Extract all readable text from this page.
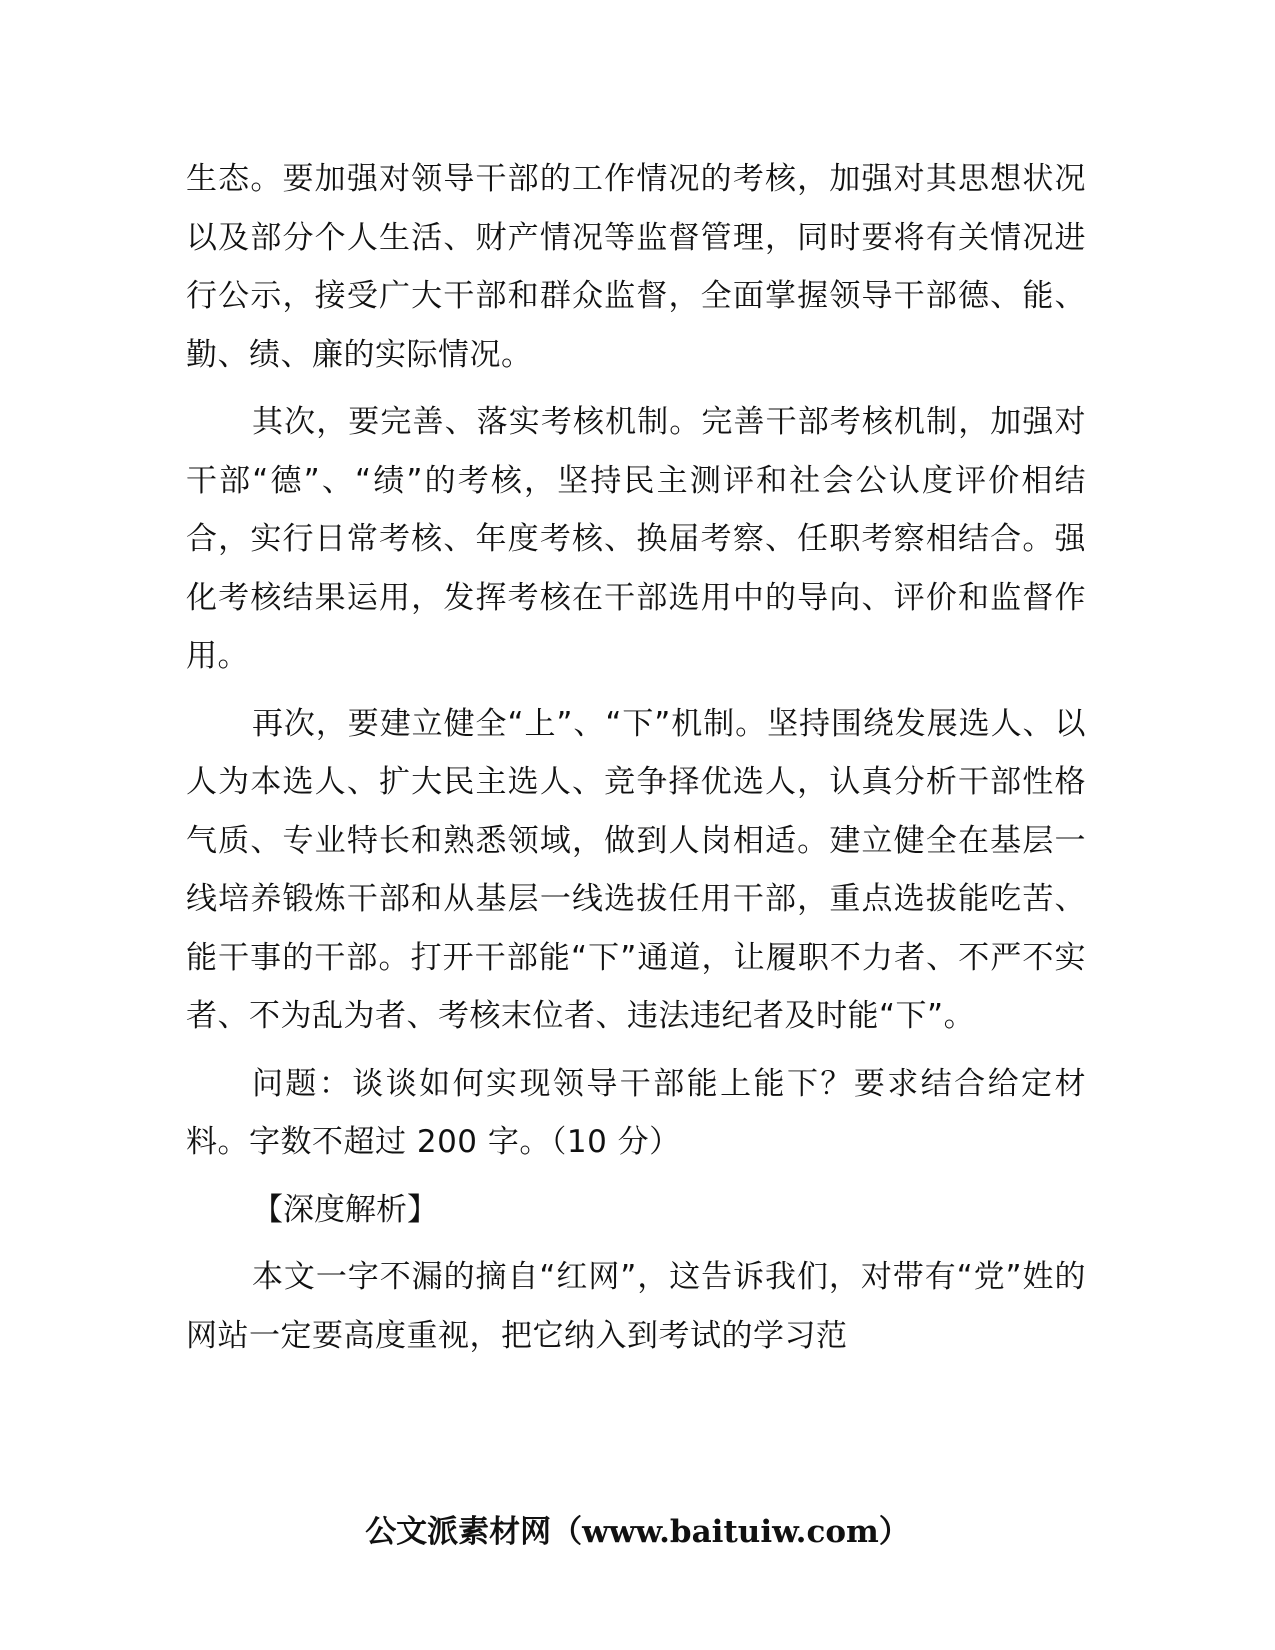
生态。要加强对领导干部的工作情况的考核，加强对其思想状况以及部分个人生活、财产情况等监督管理，同时要将有关情况进行公示，接受广大干部和群众监督，全面掌握领导干部德、能、勤、绩、廉的实际情况。

其次，要完善、落实考核机制。完善干部考核机制，加强对干部“德”、“绩”的考核，坚持民主测评和社会公认度评价相结合，实行日常考核、年度考核、换届考察、任职考察相结合。强化考核结果运用，发挥考核在干部选用中的导向、评价和监督作用。

再次，要建立健全“上”、“下”机制。坚持围绕发展选人、以人为本选人、扩大民主选人、竞争择优选人，认真分析干部性格气质、专业特长和熟悉领域，做到人岗相适。建立健全在基层一线培养锻炼干部和从基层一线选拔任用干部，重点选拔能吃苦、能干事的干部。打开干部能“下”通道，让履职不力者、不严不实者、不为乱为者、考核末位者、违法违纪者及时能“下”。

问题：谈谈如何实现领导干部能上能下？要求结合给定材料。字数不超过 200 字。（10 分）

【深度解析】

本文一字不漏的摘自“红网”，这告诉我们，对带有“党”姓的网站一定要高度重视，把它纳入到考试的学习范

公文派素材网（www.baituiw.com）
